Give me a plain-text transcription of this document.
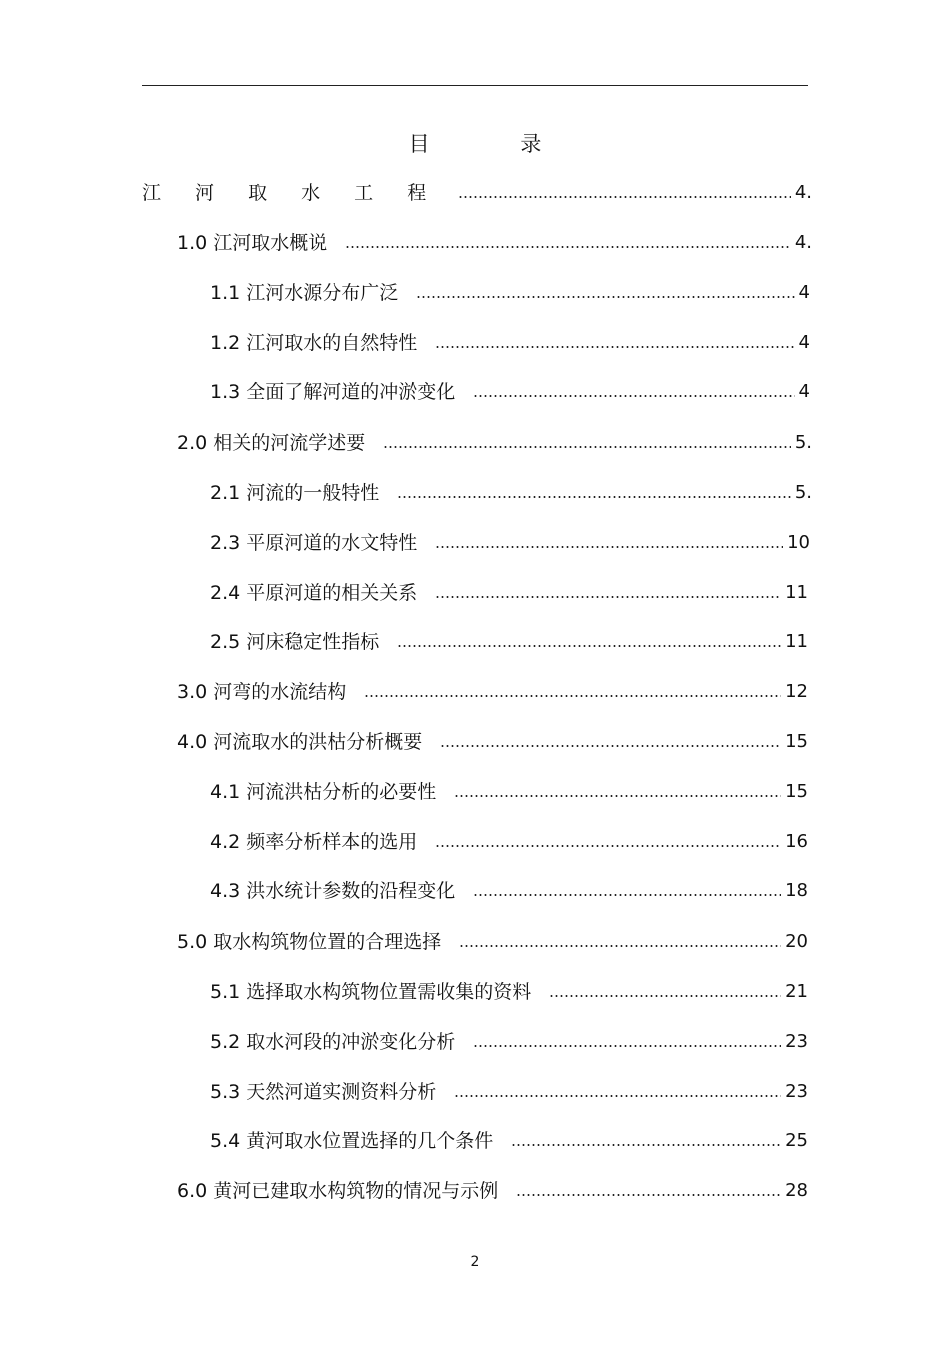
目 录
江 河 取 水 工 程	4.
1.0 江河取水概说	4.
1.1 江河水源分布广泛	4
1.2 江河取水的自然特性	4
1.3 全面了解河道的冲淤变化	4
2.0 相关的河流学述要	5.
2.1 河流的一般特性	5.
2.3 平原河道的水文特性	10
2.4 平原河道的相关关系	11
2.5 河床稳定性指标	11
3.0 河弯的水流结构	12
4.0 河流取水的洪枯分析概要	15
4.1 河流洪枯分析的必要性	15
4.2 频率分析样本的选用	16
4.3 洪水统计参数的沿程变化	18
5.0 取水构筑物位置的合理选择	20
5.1 选择取水构筑物位置需收集的资料	21
5.2 取水河段的冲淤变化分析	23
5.3 天然河道实测资料分析	23
5.4 黄河取水位置选择的几个条件	25
6.0 黄河已建取水构筑物的情况与示例	28
2
